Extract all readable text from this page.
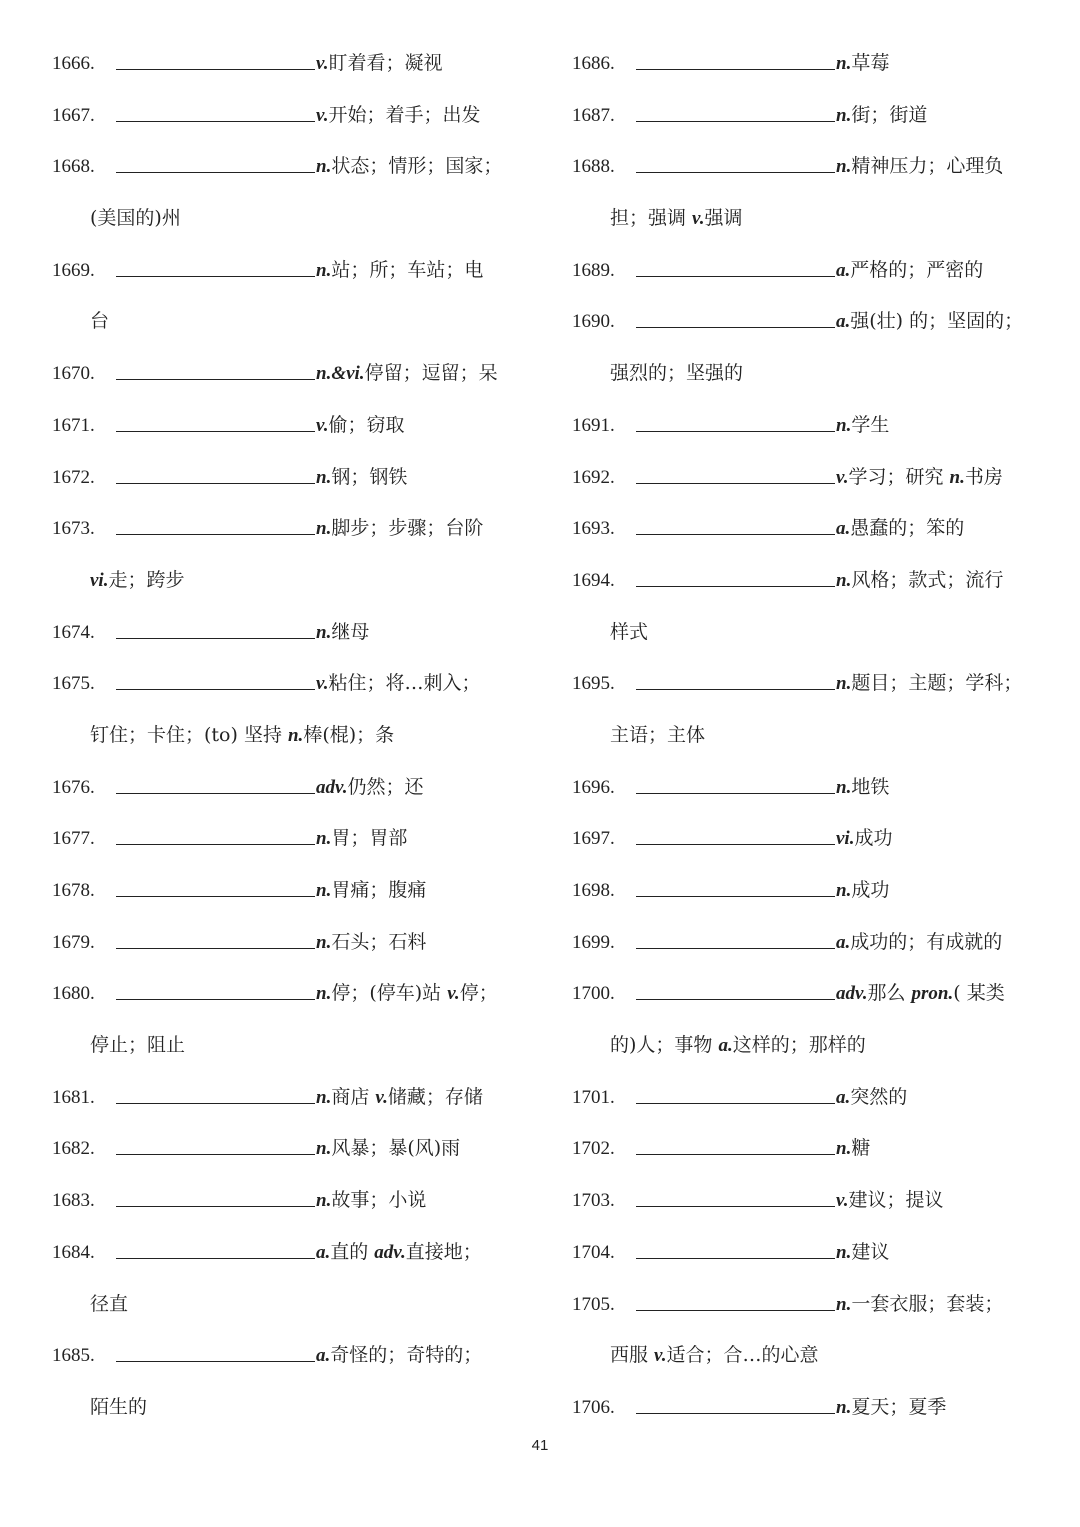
1666.	v.盯着看；凝视
1667.	v.开始；着手；出发
1668.	n.状态；情形；国家；
(美国的)州
1669.	n.站；所；车站；电
台
1670.	n.&vi.停留；逗留；呆
1671.	v.偷；窃取
1672.	n.钢；钢铁
1673.	n.脚步；步骤；台阶
vi.走；跨步
1674.	n.继母
1675.	v.粘住；将…刺入；
钉住；卡住；(to) 坚持 n.棒(棍)；条
1676.	adv.仍然；还
1677.	n.胃；胃部
1678.	n.胃痛；腹痛
1679.	n.石头；石料
1680.	n.停；(停车)站 v.停；
停止；阻止
1681.	n.商店 v.储藏；存储
1682.	n.风暴；暴(风)雨
1683.	n.故事；小说
1684.	a.直的 adv.直接地；
径直
1685.	a.奇怪的；奇特的；
陌生的
1686.	n.草莓
1687.	n.街；街道
1688.	n.精神压力；心理负
担；强调 v.强调
1689.	a.严格的；严密的
1690.	a.强(壮) 的；坚固的；
强烈的；坚强的
1691.	n.学生
1692.	v.学习；研究 n.书房
1693.	a.愚蠢的；笨的
1694.	n.风格；款式；流行
样式
1695.	n.题目；主题；学科；
主语；主体
1696.	n.地铁
1697.	vi.成功
1698.	n.成功
1699.	a.成功的；有成就的
1700.	adv.那么 pron.( 某类
的)人；事物 a.这样的；那样的
1701.	a.突然的
1702.	n.糖
1703.	v.建议；提议
1704.	n.建议
1705.	n.一套衣服；套装；
西服 v.适合；合…的心意
1706.	n.夏天；夏季
41
